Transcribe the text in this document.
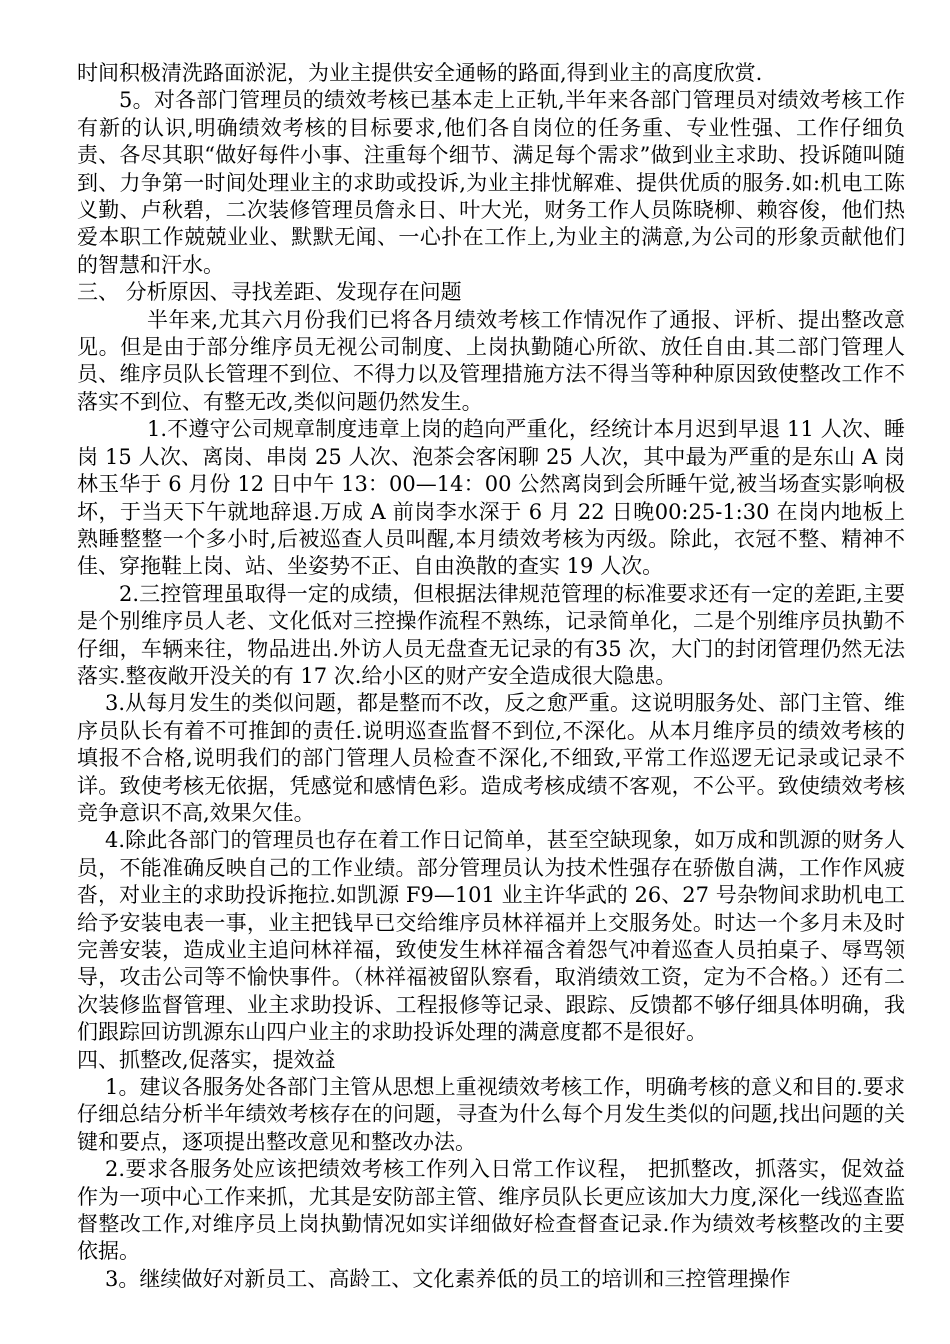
时间积极清洗路面淤泥，为业主提供安全通畅的路面,得到业主的高度欣赏.

5。对各部门管理员的绩效考核已基本走上正轨,半年来各部门管理员对绩效考核工作有新的认识,明确绩效考核的目标要求,他们各自岗位的任务重、专业性强、工作仔细负责、各尽其职“做好每件小事、注重每个细节、满足每个需求”做到业主求助、投诉随叫随到、力争第一时间处理业主的求助或投诉,为业主排忧解难、提供优质的服务.如:机电工陈义勤、卢秋碧，二次装修管理员詹永日、叶大光，财务工作人员陈晓柳、赖容俊，他们热爱本职工作兢兢业业、默默无闻、一心扑在工作上,为业主的满意,为公司的形象贡献他们的智慧和汗水。

三、 分析原因、寻找差距、发现存在问题

半年来,尤其六月份我们已将各月绩效考核工作情况作了通报、评析、提出整改意见。但是由于部分维序员无视公司制度、上岗执勤随心所欲、放任自由.其二部门管理人员、维序员队长管理不到位、不得力以及管理措施方法不得当等种种原因致使整改工作不落实不到位、有整无改,类似问题仍然发生。

1.不遵守公司规章制度违章上岗的趋向严重化，经统计本月迟到早退 11 人次、睡岗 15 人次、离岗、串岗 25 人次、泡茶会客闲聊 25 人次，其中最为严重的是东山 A 岗林玉华于 6 月份 12 日中午 13：00—14：00 公然离岗到会所睡午觉,被当场查实影响极坏，于当天下午就地辞退.万成 A 前岗李水深于 6 月 22 日晚00:25-1:30 在岗内地板上熟睡整整一个多小时,后被巡查人员叫醒,本月绩效考核为丙级。除此，衣冠不整、精神不佳、穿拖鞋上岗、站、坐姿势不正、自由涣散的查实 19 人次。

2.三控管理虽取得一定的成绩，但根据法律规范管理的标准要求还有一定的差距,主要是个别维序员人老、文化低对三控操作流程不熟练，记录简单化，二是个别维序员执勤不仔细，车辆来往，物品进出.外访人员无盘查无记录的有35 次，大门的封闭管理仍然无法落实.整夜敞开没关的有 17 次.给小区的财产安全造成很大隐患。

3.从每月发生的类似问题，都是整而不改，反之愈严重。这说明服务处、部门主管、维序员队长有着不可推卸的责任.说明巡查监督不到位,不深化。从本月维序员的绩效考核的填报不合格,说明我们的部门管理人员检查不深化,不细致,平常工作巡逻无记录或记录不详。致使考核无依据，凭感觉和感情色彩。造成考核成绩不客观，不公平。致使绩效考核竞争意识不高,效果欠佳。

4.除此各部门的管理员也存在着工作日记简单，甚至空缺现象，如万成和凯源的财务人员，不能准确反映自己的工作业绩。部分管理员认为技术性强存在骄傲自满，工作作风疲沓，对业主的求助投诉拖拉.如凯源 F9—101 业主许华武的 26、27 号杂物间求助机电工给予安装电表一事，业主把钱早已交给维序员林祥福并上交服务处。时达一个多月未及时完善安装，造成业主追问林祥福，致使发生林祥福含着怨气冲着巡查人员拍桌子、辱骂领导，攻击公司等不愉快事件。（林祥福被留队察看，取消绩效工资，定为不合格。）还有二次装修监督管理、业主求助投诉、工程报修等记录、跟踪、反馈都不够仔细具体明确，我们跟踪回访凯源东山四户业主的求助投诉处理的满意度都不是很好。

四、抓整改,促落实，提效益

1。建议各服务处各部门主管从思想上重视绩效考核工作，明确考核的意义和目的.要求仔细总结分析半年绩效考核存在的问题，寻查为什么每个月发生类似的问题,找出问题的关键和要点，逐项提出整改意见和整改办法。

2.要求各服务处应该把绩效考核工作列入日常工作议程， 把抓整改，抓落实，促效益作为一项中心工作来抓，尤其是安防部主管、维序员队长更应该加大力度,深化一线巡查监督整改工作,对维序员上岗执勤情况如实详细做好检查督查记录.作为绩效考核整改的主要依据。

3。继续做好对新员工、高龄工、文化素养低的员工的培训和三控管理操作
